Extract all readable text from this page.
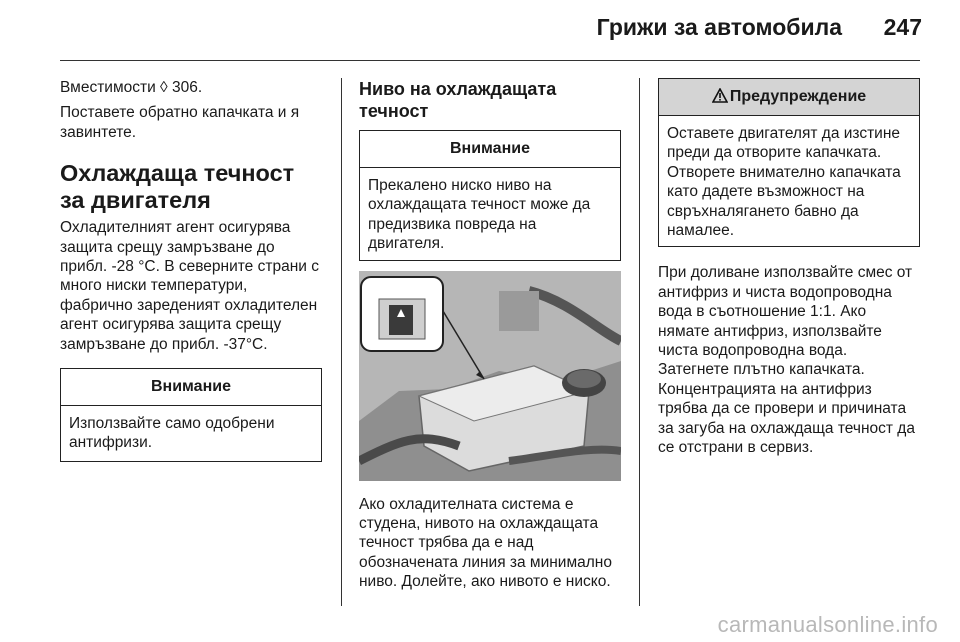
Грижи за автомобила 247

Вместимости ◊ 306.

Поставете обратно капачката и я завинтете.

Охлаждаща течност за двигателя

Охладителният агент осигурява защита срещу замръзване до прибл. -28 °C. В северните страни с много ниски температури, фабрично зареденият охладителен агент осигурява защита срещу замръзване до прибл. -37°C.

Внимание
Използвайте само одобрени антифризи.
Ниво на охлаждащата течност
Внимание
Прекалено ниско ниво на охлаждащата течност може да предизвика повреда на двигателя.

Ако охладителната система е студена, нивото на охлаждащата течност трябва да е над обозначената линия за минимално ниво. Долейте, ако нивото е ниско.

Предупреждение
Оставете двигателят да изстине преди да отворите капачката. Отворете внимателно капачката като дадете възможност на свръхналягането бавно да намалее.

При доливане използвайте смес от антифриз и чиста водопроводна вода в съотношение 1:1. Ако нямате антифриз, използвайте чиста водопроводна вода. Затегнете плътно капачката. Концентрацията на антифриз трябва да се провери и причината за загуба на охлаждаща течност да се отстрани в сервиз.

carmanualsonline.info
